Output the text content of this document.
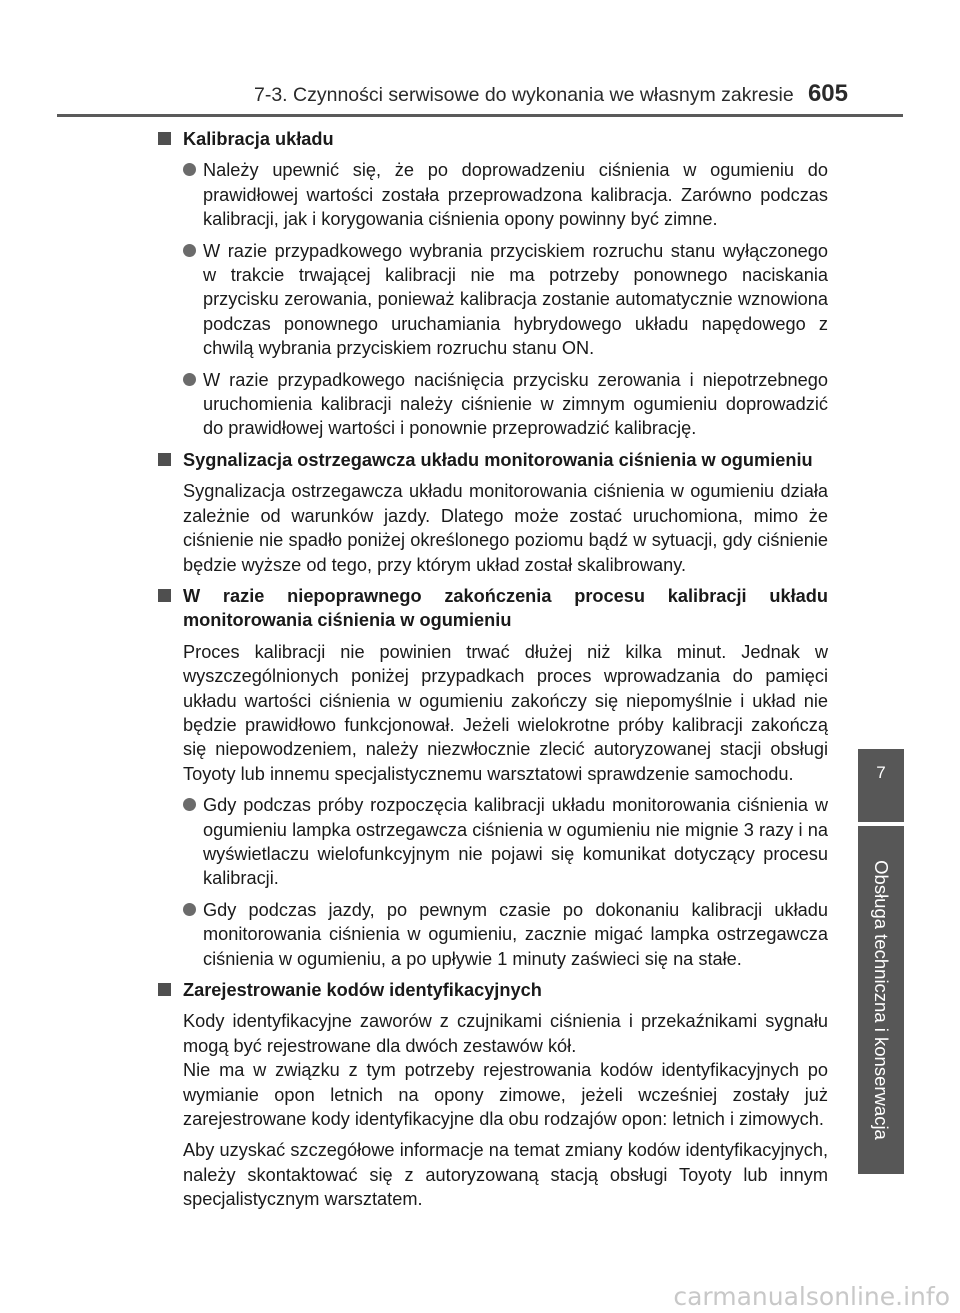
7-3. Czynności serwisowe do wykonania we własnym zakresie 605
7
Obsługa techniczna i konserwacja
Kalibracja układu
Należy upewnić się, że po doprowadzeniu ciśnienia w ogumieniu do prawidłowej wartości została przeprowadzona kalibracja. Zarówno podczas kalibracji, jak i korygowania ciśnienia opony powinny być zimne.
W razie przypadkowego wybrania przyciskiem rozruchu stanu wyłączonego w trakcie trwającej kalibracji nie ma potrzeby ponownego naciskania przycisku zerowania, ponieważ kalibracja zostanie automatycznie wznowiona podczas ponownego uruchamiania hybrydowego układu napędowego z chwilą wybrania przyciskiem rozruchu stanu ON.
W razie przypadkowego naciśnięcia przycisku zerowania i niepotrzebnego uruchomienia kalibracji należy ciśnienie w zimnym ogumieniu doprowadzić do prawidłowej wartości i ponownie przeprowadzić kalibrację.
Sygnalizacja ostrzegawcza układu monitorowania ciśnienia w ogumieniu
Sygnalizacja ostrzegawcza układu monitorowania ciśnienia w ogumieniu działa zależnie od warunków jazdy. Dlatego może zostać uruchomiona, mimo że ciśnienie nie spadło poniżej określonego poziomu bądź w sytuacji, gdy ciśnienie będzie wyższe od tego, przy którym układ został skalibrowany.
W razie niepoprawnego zakończenia procesu kalibracji układu monitorowania ciśnienia w ogumieniu
Proces kalibracji nie powinien trwać dłużej niż kilka minut. Jednak w wyszczególnionych poniżej przypadkach proces wprowadzania do pamięci układu wartości ciśnienia w ogumieniu zakończy się niepomyślnie i układ nie będzie prawidłowo funkcjonował. Jeżeli wielokrotne próby kalibracji zakończą się niepowodzeniem, należy niezwłocznie zlecić autoryzowanej stacji obsługi Toyoty lub innemu specjalistycznemu warsztatowi sprawdzenie samochodu.
Gdy podczas próby rozpoczęcia kalibracji układu monitorowania ciśnienia w ogumieniu lampka ostrzegawcza ciśnienia w ogumieniu nie mignie 3 razy i na wyświetlaczu wielofunkcyjnym nie pojawi się komunikat dotyczący procesu kalibracji.
Gdy podczas jazdy, po pewnym czasie po dokonaniu kalibracji układu monitorowania ciśnienia w ogumieniu, zacznie migać lampka ostrzegawcza ciśnienia w ogumieniu, a po upływie 1 minuty zaświeci się na stałe.
Zarejestrowanie kodów identyfikacyjnych
Kody identyfikacyjne zaworów z czujnikami ciśnienia i przekaźnikami sygnału mogą być rejestrowane dla dwóch zestawów kół.
Nie ma w związku z tym potrzeby rejestrowania kodów identyfikacyjnych po wymianie opon letnich na opony zimowe, jeżeli wcześniej zostały już zarejestrowane kody identyfikacyjne dla obu rodzajów opon: letnich i zimowych.
Aby uzyskać szczegółowe informacje na temat zmiany kodów identyfikacyjnych, należy skontaktować się z autoryzowaną stacją obsługi Toyoty lub innym specjalistycznym warsztatem.
carmanualsonline.info
